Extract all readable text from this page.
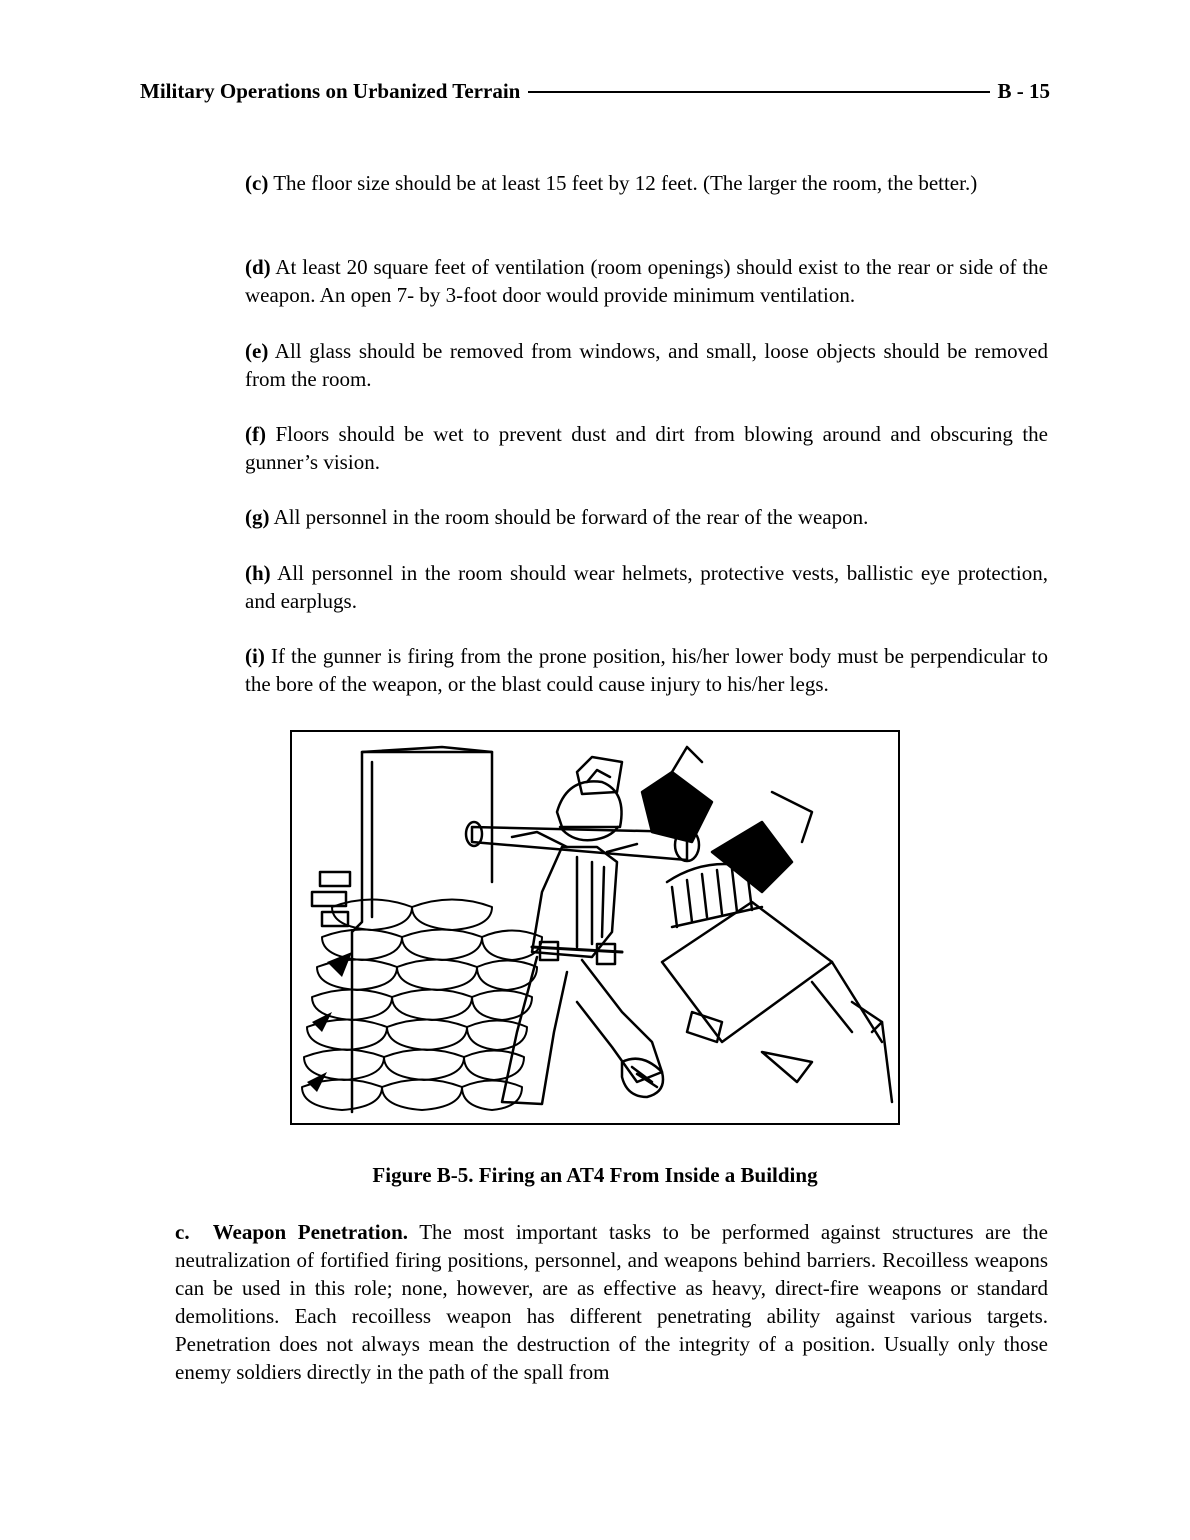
Military Operations on Urbanized Terrain	B - 15

(c) The floor size should be at least 15 feet by 12 feet. (The larger the room, the better.)

(d) At least 20 square feet of ventilation (room openings) should exist to the rear or side of the weapon. An open 7- by 3-foot door would provide minimum ventilation.

(e) All glass should be removed from windows, and small, loose objects should be removed from the room.

(f) Floors should be wet to prevent dust and dirt from blowing around and obscuring the gunner’s vision.

(g) All personnel in the room should be forward of the rear of the weapon.

(h) All personnel in the room should wear helmets, protective vests, ballistic eye protection, and earplugs.

(i) If the gunner is firing from the prone position, his/her lower body must be perpendicular to the bore of the weapon, or the blast could cause injury to his/her legs.

Figure B-5. Firing an AT4 From Inside a Building

c. Weapon Penetration. The most important tasks to be performed against structures are the neutralization of fortified firing positions, personnel, and weapons behind barriers. Recoilless weapons can be used in this role; none, however, are as effective as heavy, direct-fire weapons or standard demolitions. Each recoilless weapon has different penetrating ability against various targets. Penetration does not always mean the destruction of the integrity of a position. Usually only those enemy soldiers directly in the path of the spall from
